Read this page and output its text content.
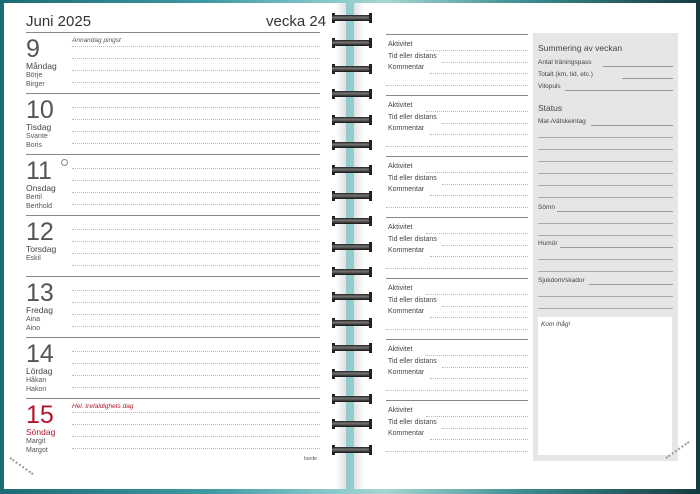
Juni 2025	vecka 24
9
Måndag
Börje
Birger
Annandag pingst
10
Tisdag
Svante
Boris
11
Onsdag
Bertil
Berthold
12
Torsdag
Eskil
13
Fredag
Aina
Aino
14
Lördag
Håkan
Hakon
15
Söndag
Margit
Margot
Hel. trefaldighets dag
burde
Aktivitet
Tid eller distans
Kommentar
Aktivitet
Tid eller distans
Kommentar
Aktivitet
Tid eller distans
Kommentar
Aktivitet
Tid eller distans
Kommentar
Aktivitet
Tid eller distans
Kommentar
Aktivitet
Tid eller distans
Kommentar
Aktivitet
Tid eller distans
Kommentar
Summering av veckan
Antal träningspass
Totalt (km, tid, etc.)
Vilopuls
Status
Mat-/vätskeintag
Sömn
Humör
Sjukdom/skador
Kom ihåg!
